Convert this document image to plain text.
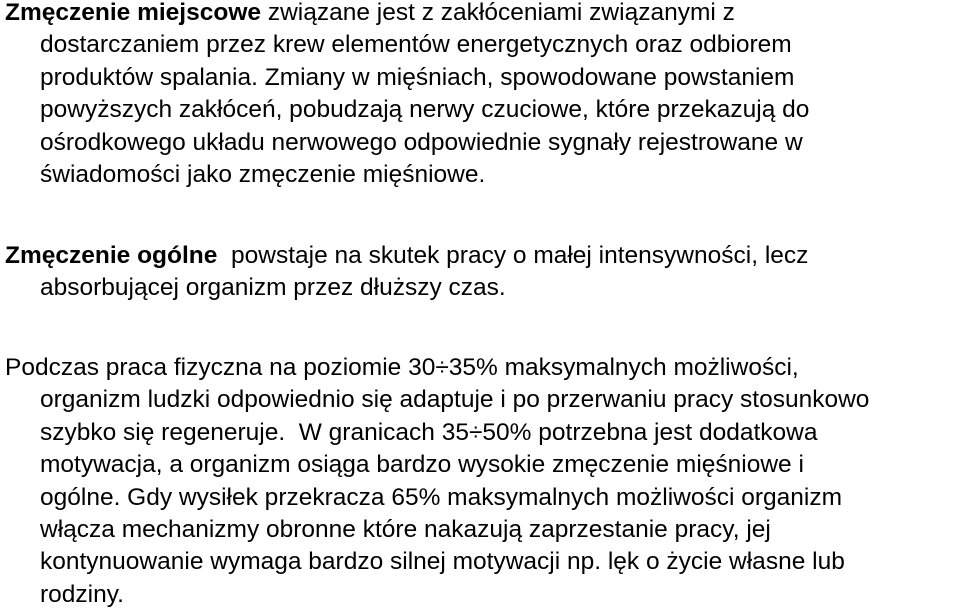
Zmęczenie miejscowe związane jest z zakłóceniami związanymi z
dostarczaniem przez krew elementów energetycznych oraz odbiorem
produktów spalania. Zmiany w mięśniach, spowodowane powstaniem
powyższych zakłóceń, pobudzają nerwy czuciowe, które przekazują do
ośrodkowego układu nerwowego odpowiednie sygnały rejestrowane w
świadomości jako zmęczenie mięśniowe.

Zmęczenie ogólne  powstaje na skutek pracy o małej intensywności, lecz
absorbującej organizm przez dłuższy czas.

Podczas praca fizyczna na poziomie 30÷35% maksymalnych możliwości,
organizm ludzki odpowiednio się adaptuje i po przerwaniu pracy stosunkowo
szybko się regeneruje.  W granicach 35÷50% potrzebna jest dodatkowa
motywacja, a organizm osiąga bardzo wysokie zmęczenie mięśniowe i
ogólne. Gdy wysiłek przekracza 65% maksymalnych możliwości organizm
włącza mechanizmy obronne które nakazują zaprzestanie pracy, jej
kontynuowanie wymaga bardzo silnej motywacji np. lęk o życie własne lub
rodziny.
